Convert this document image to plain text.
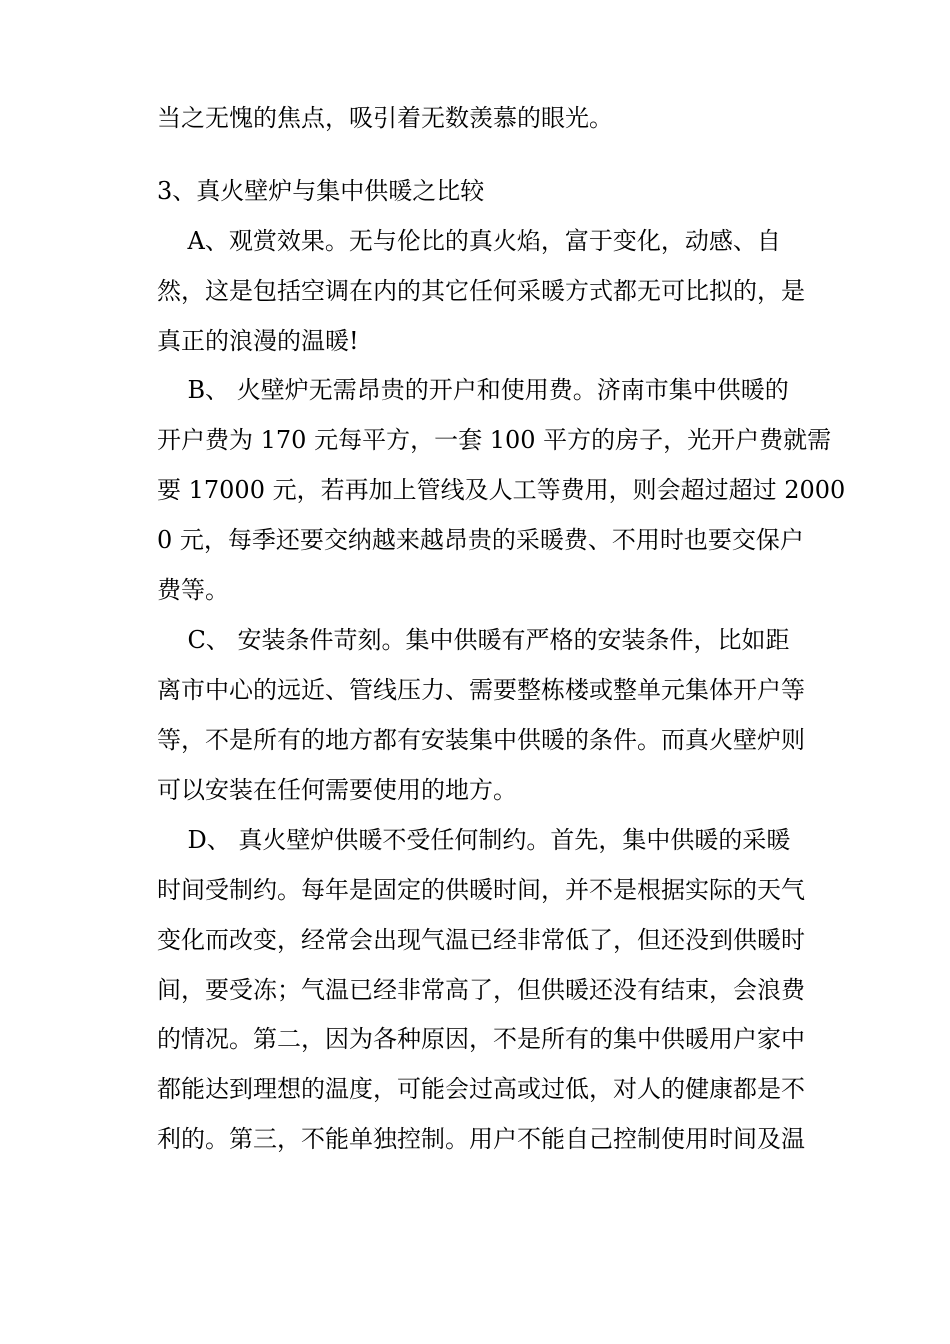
当之无愧的焦点，吸引着无数羡慕的眼光。

3、真火壁炉与集中供暖之比较

A、观赏效果。无与伦比的真火焰，富于变化，动感、自

然，这是包括空调在内的其它任何采暖方式都无可比拟的，是

真正的浪漫的温暖!

B、 火壁炉无需昂贵的开户和使用费。济南市集中供暖的

开户费为 170 元每平方，一套 100 平方的房子，光开户费就需

要 17000 元，若再加上管线及人工等费用，则会超过超过 2000

0 元，每季还要交纳越来越昂贵的采暖费、不用时也要交保户

费等。

C、 安装条件苛刻。集中供暖有严格的安装条件，比如距

离市中心的远近、管线压力、需要整栋楼或整单元集体开户等

等，不是所有的地方都有安装集中供暖的条件。而真火壁炉则

可以安装在任何需要使用的地方。

D、 真火壁炉供暖不受任何制约。首先，集中供暖的采暖

时间受制约。每年是固定的供暖时间，并不是根据实际的天气

变化而改变，经常会出现气温已经非常低了，但还没到供暖时

间，要受冻；气温已经非常高了，但供暖还没有结束，会浪费

的情况。第二，因为各种原因，不是所有的集中供暖用户家中

都能达到理想的温度，可能会过高或过低，对人的健康都是不

利的。第三，不能单独控制。用户不能自己控制使用时间及温
